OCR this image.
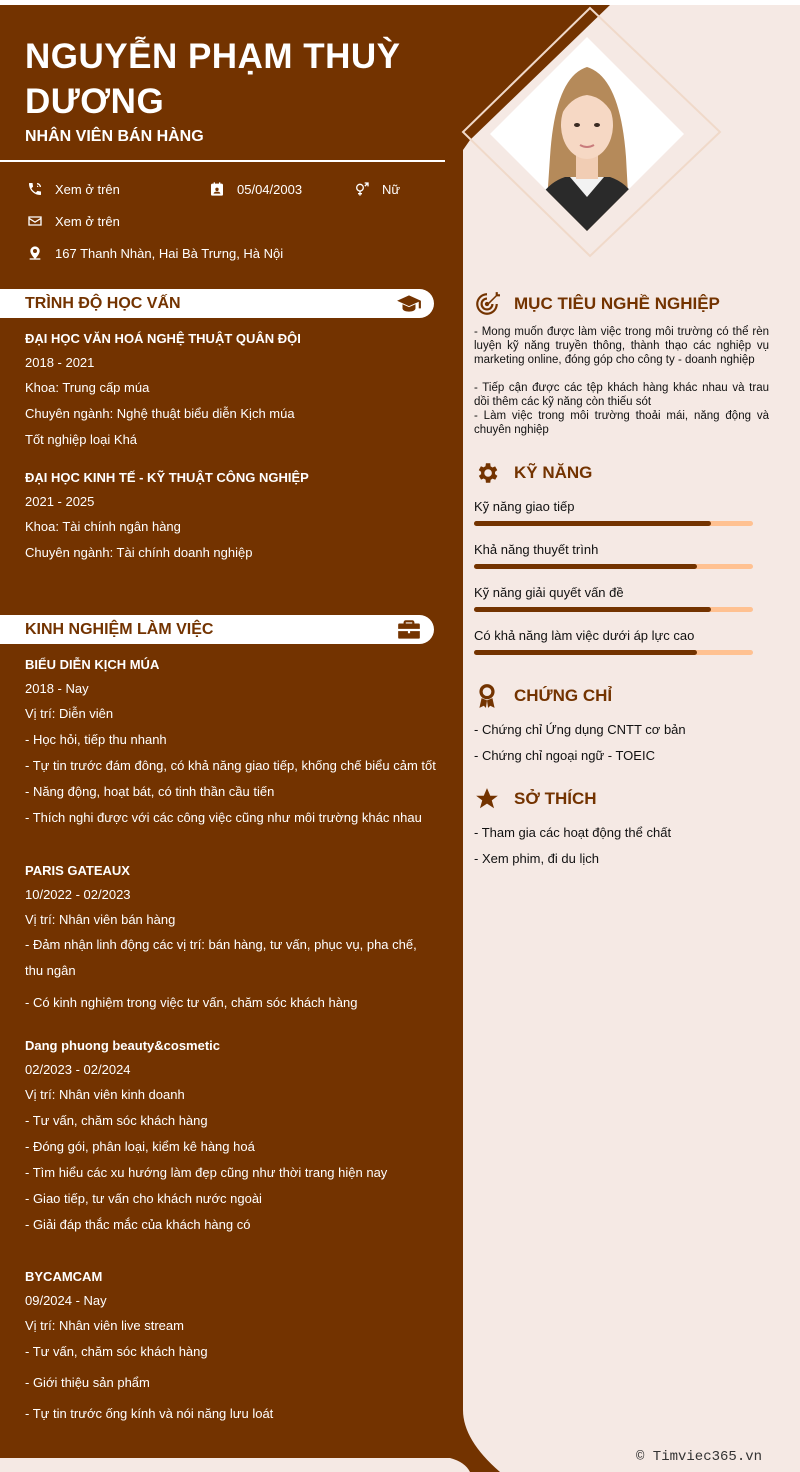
NGUYỄN PHẠM THUỲ DƯƠNG
NHÂN VIÊN BÁN HÀNG
Xem ở trên	05/04/2003	Nữ
Xem ở trên
167 Thanh Nhàn, Hai Bà Trưng, Hà Nội
TRÌNH ĐỘ HỌC VẤN
ĐẠI HỌC VĂN HOÁ NGHỆ THUẬT QUÂN ĐỘI
2018 - 2021
Khoa: Trung cấp múa
Chuyên ngành: Nghệ thuật biểu diễn Kịch múa
Tốt nghiệp loại Khá
ĐẠI HỌC KINH TẾ - KỸ THUẬT CÔNG NGHIỆP
2021 - 2025
Khoa: Tài chính ngân hàng
Chuyên ngành: Tài chính doanh nghiệp
KINH NGHIỆM LÀM VIỆC
BIỂU DIỄN KỊCH MÚA
2018 - Nay
Vị trí: Diễn viên
- Học hỏi, tiếp thu nhanh
- Tự tin trước đám đông, có khả năng giao tiếp, khống chế biểu cảm tốt
- Năng động, hoạt bát, có tinh thần cầu tiến
- Thích nghi được với các công việc cũng như môi trường khác nhau
PARIS GATEAUX
10/2022 - 02/2023
Vị trí: Nhân viên bán hàng
- Đảm nhận linh động các vị trí: bán hàng, tư vấn, phục vụ, pha chế, thu ngân
- Có kinh nghiệm trong việc tư vấn, chăm sóc khách hàng
Dang phuong beauty&cosmetic
02/2023 - 02/2024
Vị trí: Nhân viên kinh doanh
- Tư vấn, chăm sóc khách hàng
- Đóng gói, phân loại, kiểm kê hàng hoá
- Tìm hiểu các xu hướng làm đẹp cũng như thời trang hiện nay
- Giao tiếp, tư vấn cho khách nước ngoài
- Giải đáp thắc mắc của khách hàng có
BYCAMCAM
09/2024 - Nay
Vị trí: Nhân viên live stream
- Tư vấn, chăm sóc khách hàng
- Giới thiệu sản phẩm
- Tự tin trước ống kính và nói năng lưu loát
MỤC TIÊU NGHỀ NGHIỆP
- Mong muốn được làm việc trong môi trường có thể rèn luyện kỹ năng truyền thông, thành thạo các nghiệp vụ marketing online, đóng góp cho công ty - doanh nghiệp
- Tiếp cận được các tệp khách hàng khác nhau và trau dồi thêm các kỹ năng còn thiếu sót
- Làm việc trong môi trường thoải mái, năng động và chuyên nghiệp
KỸ NĂNG
Kỹ năng giao tiếp
Khả năng thuyết trình
Kỹ năng giải quyết vấn đề
Có khả năng làm việc dưới áp lực cao
CHỨNG CHỈ
- Chứng chỉ Ứng dụng CNTT cơ bản
- Chứng chỉ ngoại ngữ - TOEIC
SỞ THÍCH
- Tham gia các hoạt động thể chất
- Xem phim, đi du lịch
© Timviec365.vn
